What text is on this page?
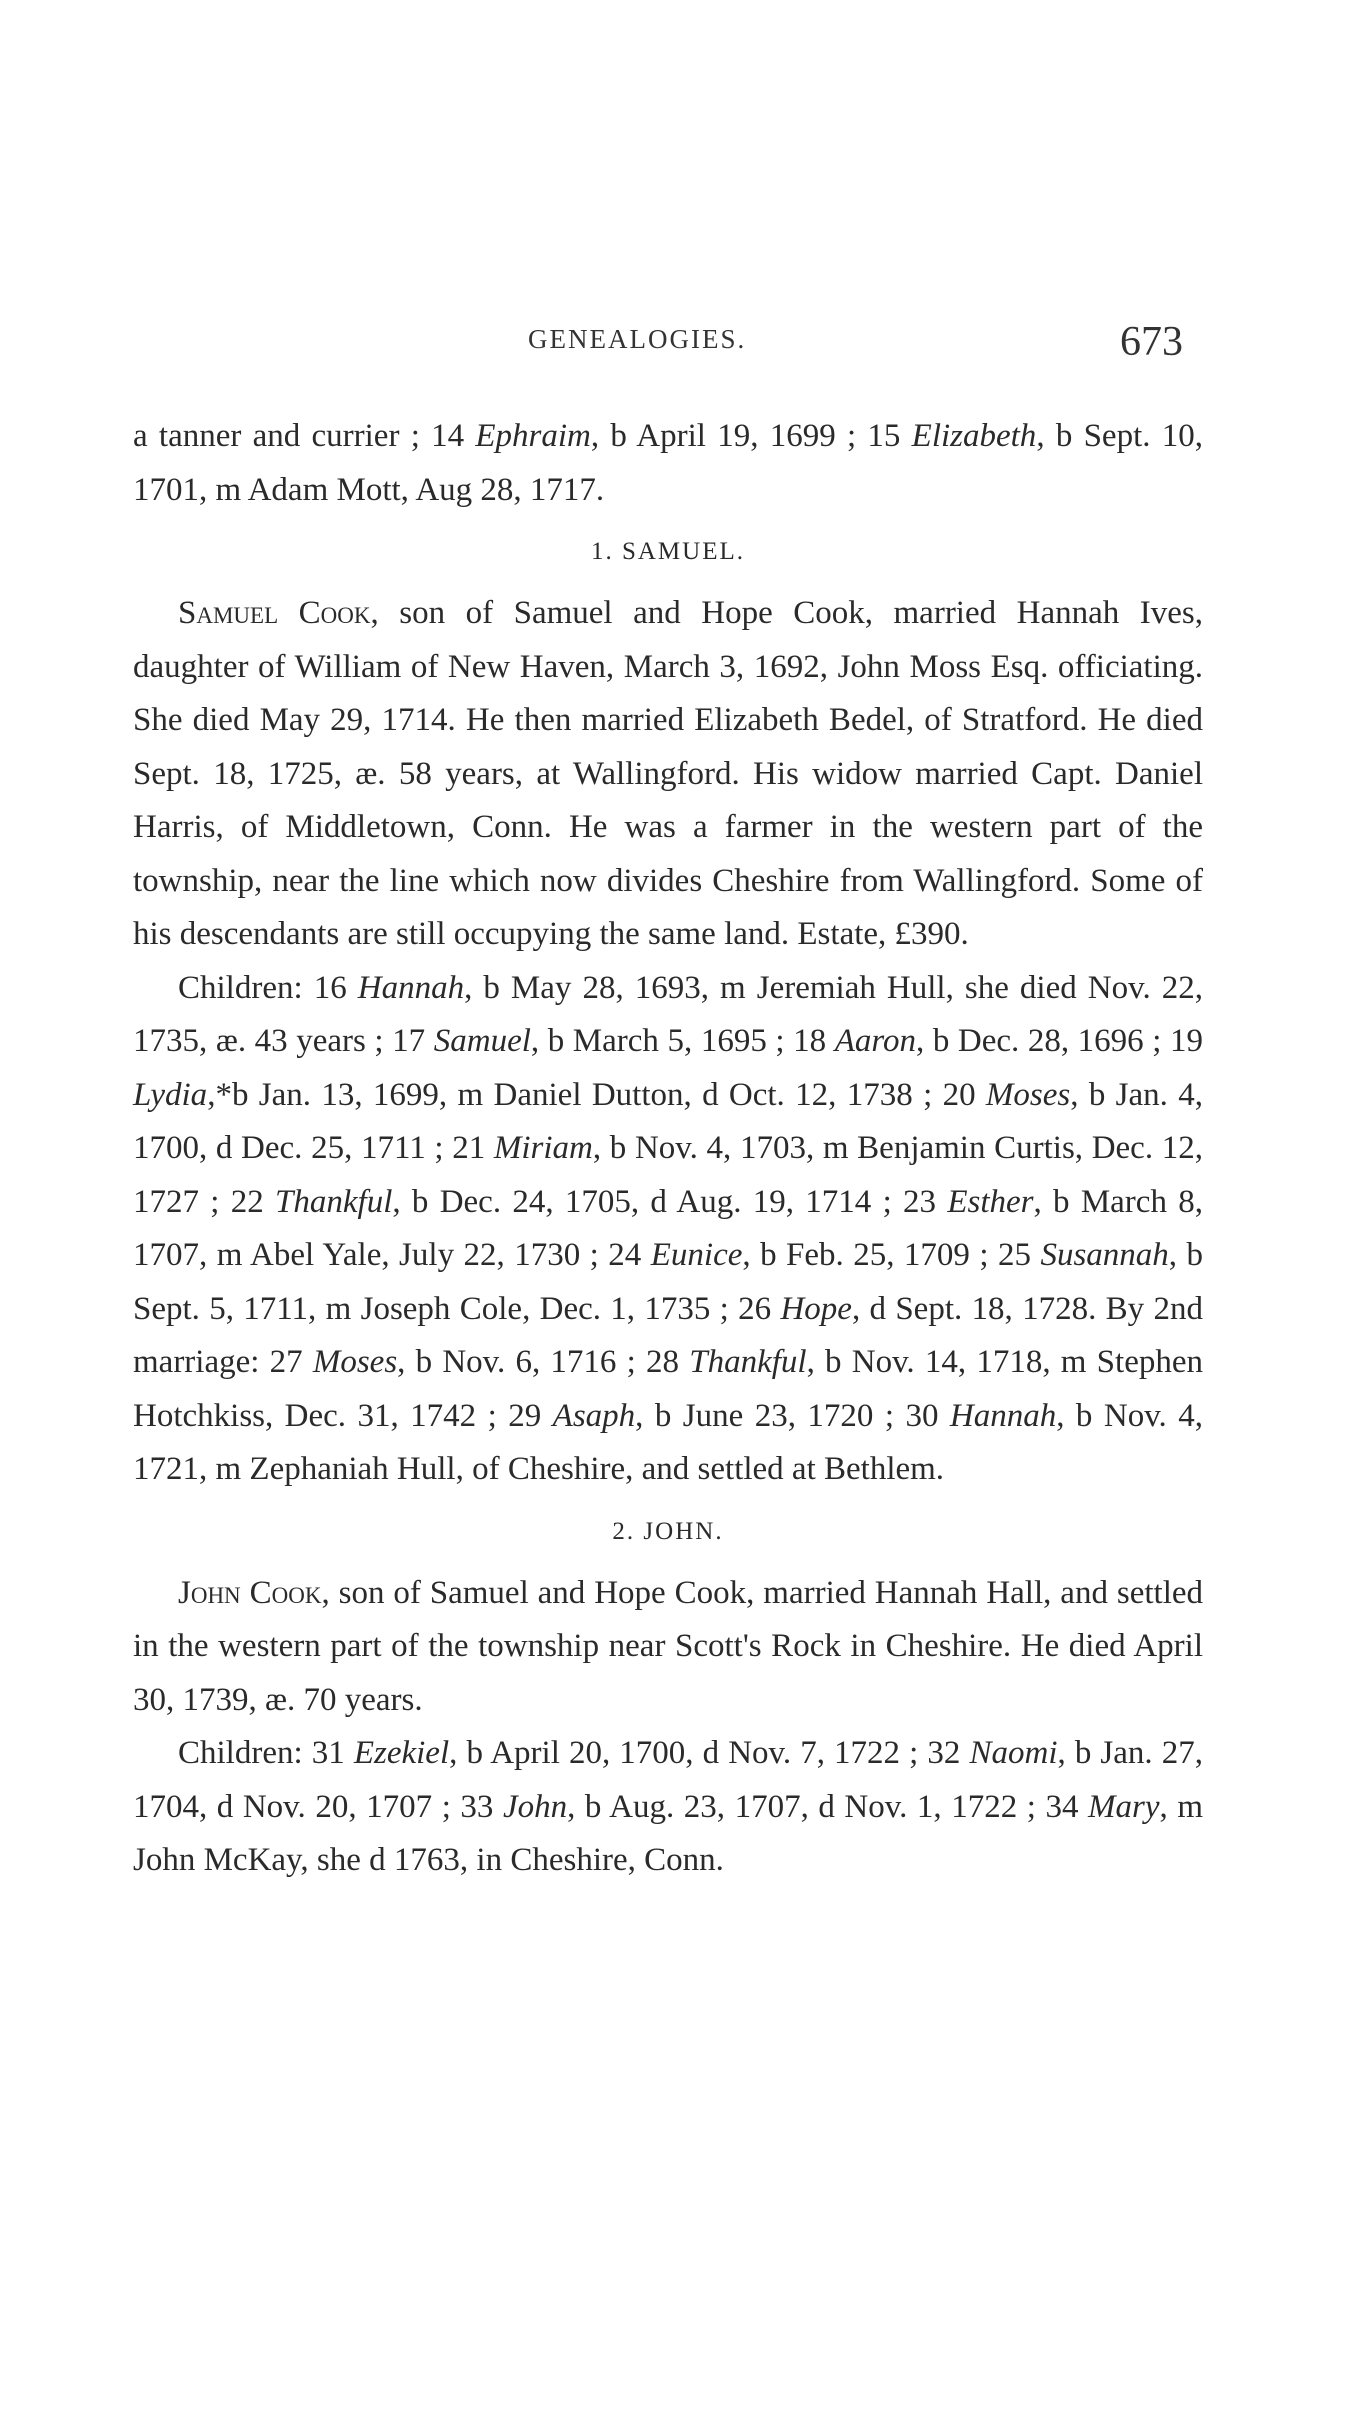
GENEALOGIES.	673

a tanner and currier ; 14 Ephraim, b April 19, 1699 ; 15 Elizabeth, b Sept. 10, 1701, m Adam Mott, Aug 28, 1717.

1. SAMUEL.

Samuel Cook, son of Samuel and Hope Cook, married Hannah Ives, daughter of William of New Haven, March 3, 1692, John Moss Esq. officiating. She died May 29, 1714. He then married Elizabeth Bedel, of Stratford. He died Sept. 18, 1725, æ. 58 years, at Wallingford. His widow married Capt. Daniel Harris, of Middletown, Conn. He was a farmer in the western part of the township, near the line which now divides Cheshire from Wallingford. Some of his descendants are still occupying the same land. Estate, £390.

Children: 16 Hannah, b May 28, 1693, m Jeremiah Hull, she died Nov. 22, 1735, æ. 43 years ; 17 Samuel, b March 5, 1695 ; 18 Aaron, b Dec. 28, 1696 ; 19 Lydia,*b Jan. 13, 1699, m Daniel Dutton, d Oct. 12, 1738 ; 20 Moses, b Jan. 4, 1700, d Dec. 25, 1711 ; 21 Miriam, b Nov. 4, 1703, m Benjamin Curtis, Dec. 12, 1727 ; 22 Thankful, b Dec. 24, 1705, d Aug. 19, 1714 ; 23 Esther, b March 8, 1707, m Abel Yale, July 22, 1730 ; 24 Eunice, b Feb. 25, 1709 ; 25 Susannah, b Sept. 5, 1711, m Joseph Cole, Dec. 1, 1735 ; 26 Hope, d Sept. 18, 1728. By 2nd marriage: 27 Moses, b Nov. 6, 1716 ; 28 Thankful, b Nov. 14, 1718, m Stephen Hotchkiss, Dec. 31, 1742 ; 29 Asaph, b June 23, 1720 ; 30 Hannah, b Nov. 4, 1721, m Zephaniah Hull, of Cheshire, and settled at Bethlem.

2. JOHN.

John Cook, son of Samuel and Hope Cook, married Hannah Hall, and settled in the western part of the township near Scott's Rock in Cheshire. He died April 30, 1739, æ. 70 years.

Children: 31 Ezekiel, b April 20, 1700, d Nov. 7, 1722 ; 32 Naomi, b Jan. 27, 1704, d Nov. 20, 1707 ; 33 John, b Aug. 23, 1707, d Nov. 1, 1722 ; 34 Mary, m John McKay, she d 1763, in Cheshire, Conn.
